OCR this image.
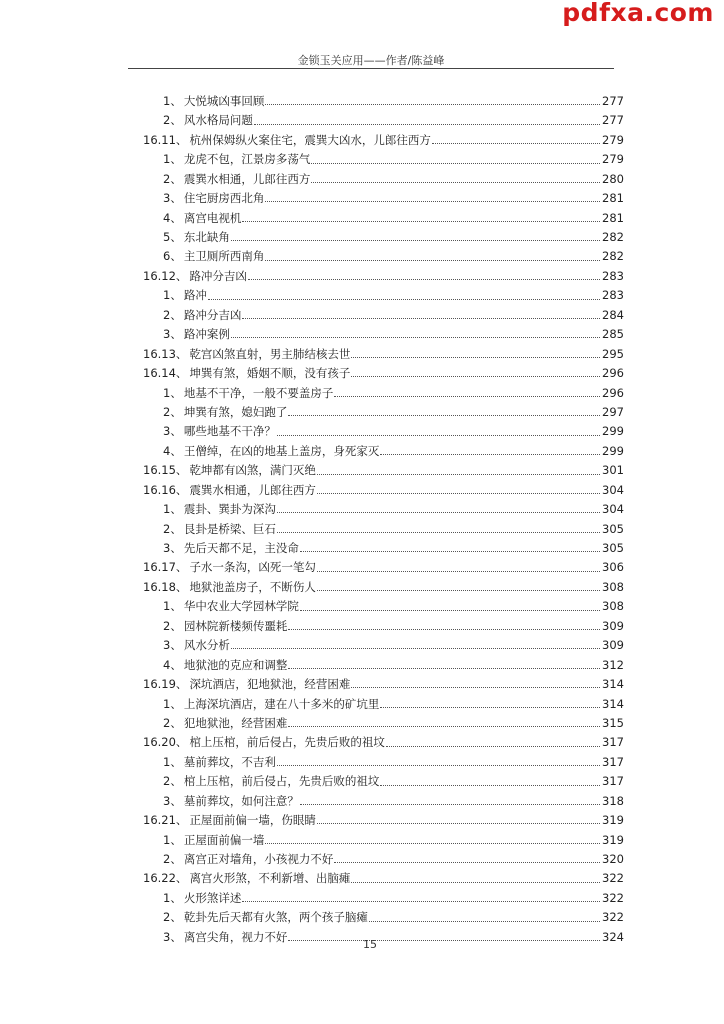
pdfxa.com
金锁玉关应用——作者/陈益峰
1、 大悦城凶事回顾	277
2、 风水格局问题	277
16.11、 杭州保姆纵火案住宅，震巽大凶水，儿郎往西方	279
1、 龙虎不包，江景房多荡气	279
2、 震巽水相通，儿郎往西方	280
3、 住宅厨房西北角	281
4、 离宫电视机	281
5、 东北缺角	282
6、 主卫厕所西南角	282
16.12、 路冲分吉凶	283
1、 路冲	283
2、 路冲分吉凶	284
3、 路冲案例	285
16.13、 乾宫凶煞直射，男主肺结核去世	295
16.14、 坤巽有煞，婚姻不顺，没有孩子	296
1、 地基不干净，一般不要盖房子	296
2、 坤巽有煞，媳妇跑了	297
3、 哪些地基不干净？	299
4、 王僧绰，在凶的地基上盖房，身死家灭	299
16.15、 乾坤都有凶煞，满门灭绝	301
16.16、 震巽水相通，儿郎往西方	304
1、 震卦、巽卦为深沟	304
2、 艮卦是桥梁、巨石	305
3、 先后天都不足，主没命	305
16.17、 子水一条沟，凶死一笔勾	306
16.18、 地狱池盖房子，不断伤人	308
1、 华中农业大学园林学院	308
2、 园林院新楼频传噩耗	309
3、 风水分析	309
4、 地狱池的克应和调整	312
16.19、 深坑酒店，犯地狱池，经营困难	314
1、 上海深坑酒店，建在八十多米的矿坑里	314
2、 犯地狱池，经营困难	315
16.20、 棺上压棺，前后侵占，先贵后败的祖坟	317
1、 墓前葬坟，不吉利	317
2、 棺上压棺，前后侵占，先贵后败的祖坟	317
3、 墓前葬坟，如何注意？	318
16.21、 正屋面前偏一墙，伤眼睛	319
1、 正屋面前偏一墙	319
2、 离宫正对墙角，小孩视力不好	320
16.22、 离宫火形煞，不利新增、出脑瘫	322
1、 火形煞详述	322
2、 乾卦先后天都有火煞，两个孩子脑瘫	322
3、 离宫尖角，视力不好	324
15
